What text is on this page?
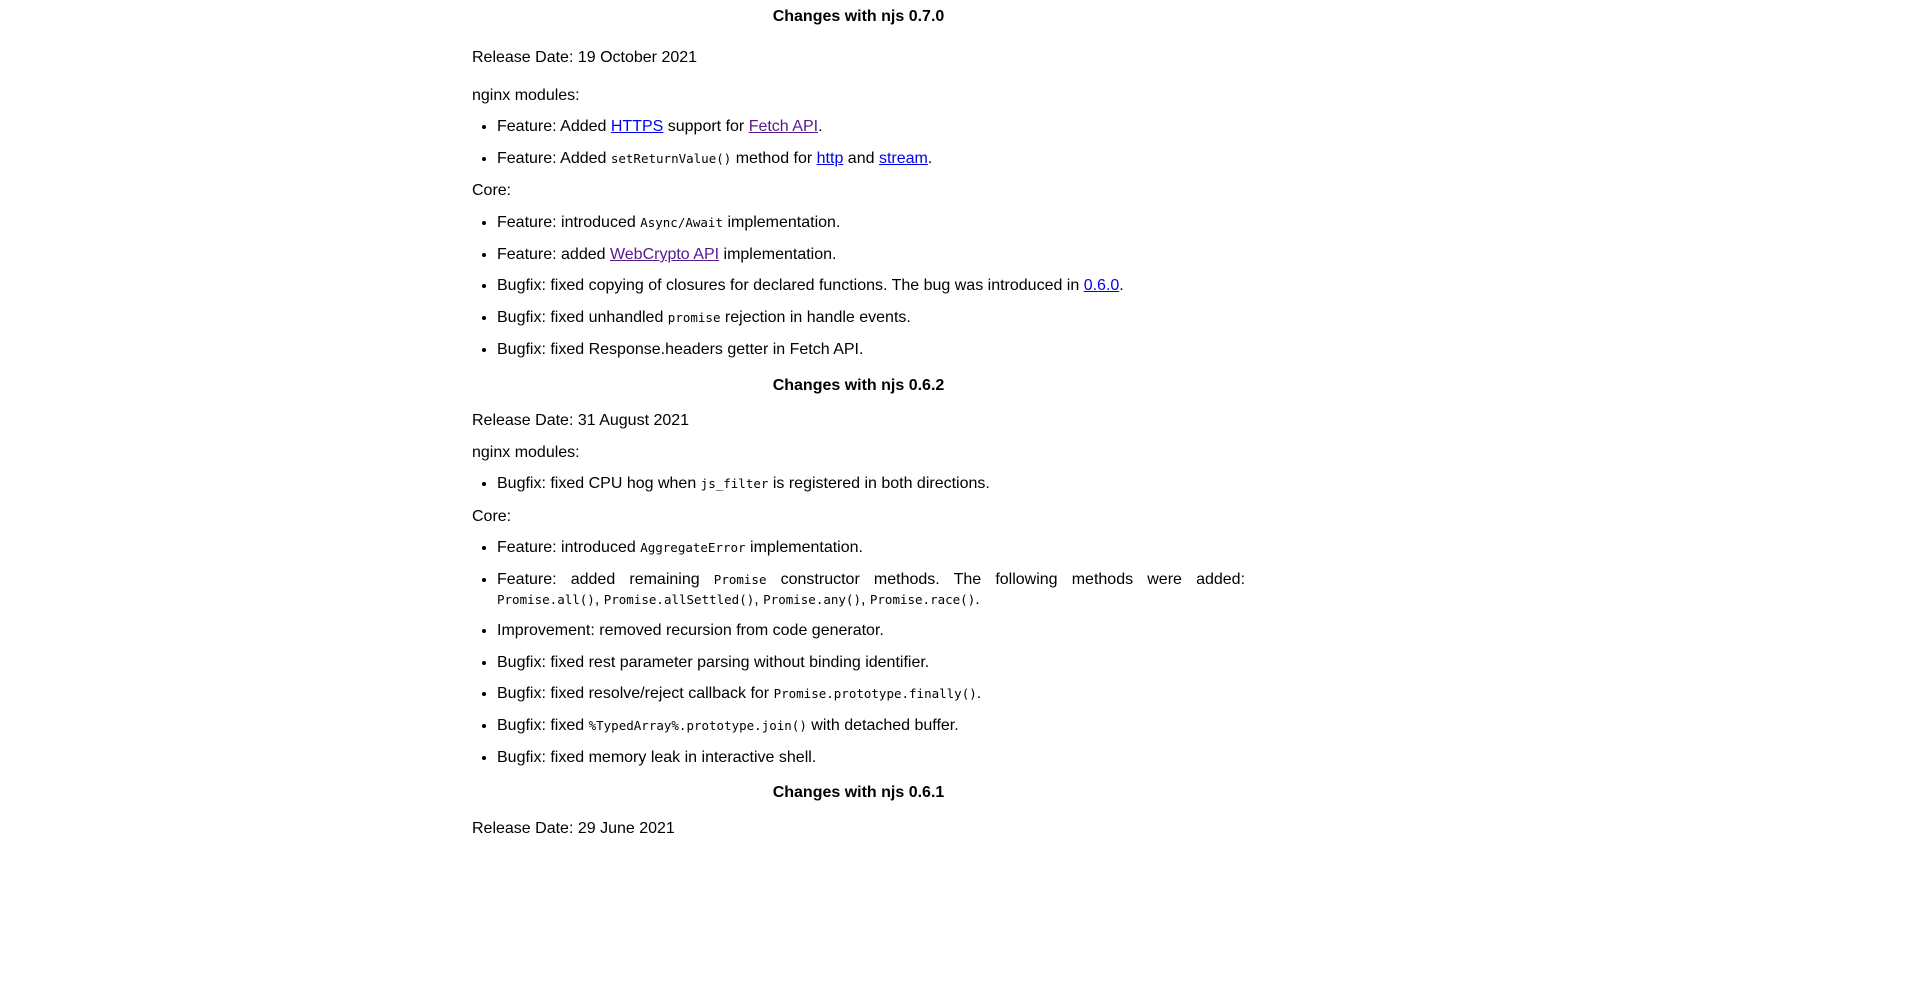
Changes with njs 0.7.0

Release Date: 19 October 2021

nginx modules:

• Feature: Added HTTPS support for Fetch API.
• Feature: Added setReturnValue() method for http and stream.

Core:

• Feature: introduced Async/Await implementation.
• Feature: added WebCrypto API implementation.
• Bugfix: fixed copying of closures for declared functions. The bug was introduced in 0.6.0.
• Bugfix: fixed unhandled promise rejection in handle events.
• Bugfix: fixed Response.headers getter in Fetch API.
Changes with njs 0.6.2

Release Date: 31 August 2021

nginx modules:

• Bugfix: fixed CPU hog when js_filter is registered in both directions.

Core:

• Feature: introduced AggregateError implementation.
• Feature: added remaining Promise constructor methods. The following methods were added: Promise.all(), Promise.allSettled(), Promise.any(), Promise.race().
• Improvement: removed recursion from code generator.
• Bugfix: fixed rest parameter parsing without binding identifier.
• Bugfix: fixed resolve/reject callback for Promise.prototype.finally().
• Bugfix: fixed %TypedArray%.prototype.join() with detached buffer.
• Bugfix: fixed memory leak in interactive shell.
Changes with njs 0.6.1

Release Date: 29 June 2021
